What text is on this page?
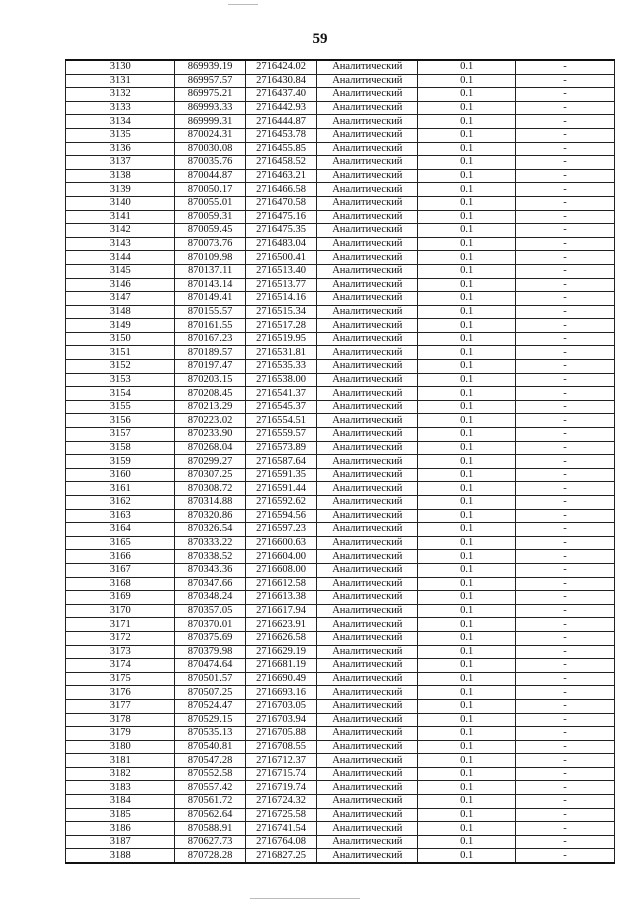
59
3130	869939.19	2716424.02	Аналитический	0.1	-
3131	869957.57	2716430.84	Аналитический	0.1	-
3132	869975.21	2716437.40	Аналитический	0.1	-
3133	869993.33	2716442.93	Аналитический	0.1	-
3134	869999.31	2716444.87	Аналитический	0.1	-
3135	870024.31	2716453.78	Аналитический	0.1	-
3136	870030.08	2716455.85	Аналитический	0.1	-
3137	870035.76	2716458.52	Аналитический	0.1	-
3138	870044.87	2716463.21	Аналитический	0.1	-
3139	870050.17	2716466.58	Аналитический	0.1	-
3140	870055.01	2716470.58	Аналитический	0.1	-
3141	870059.31	2716475.16	Аналитический	0.1	-
3142	870059.45	2716475.35	Аналитический	0.1	-
3143	870073.76	2716483.04	Аналитический	0.1	-
3144	870109.98	2716500.41	Аналитический	0.1	-
3145	870137.11	2716513.40	Аналитический	0.1	-
3146	870143.14	2716513.77	Аналитический	0.1	-
3147	870149.41	2716514.16	Аналитический	0.1	-
3148	870155.57	2716515.34	Аналитический	0.1	-
3149	870161.55	2716517.28	Аналитический	0.1	-
3150	870167.23	2716519.95	Аналитический	0.1	-
3151	870189.57	2716531.81	Аналитический	0.1	-
3152	870197.47	2716535.33	Аналитический	0.1	-
3153	870203.15	2716538.00	Аналитический	0.1	-
3154	870208.45	2716541.37	Аналитический	0.1	-
3155	870213.29	2716545.37	Аналитический	0.1	-
3156	870223.02	2716554.51	Аналитический	0.1	-
3157	870233.90	2716559.57	Аналитический	0.1	-
3158	870268.04	2716573.89	Аналитический	0.1	-
3159	870299.27	2716587.64	Аналитический	0.1	-
3160	870307.25	2716591.35	Аналитический	0.1	-
3161	870308.72	2716591.44	Аналитический	0.1	-
3162	870314.88	2716592.62	Аналитический	0.1	-
3163	870320.86	2716594.56	Аналитический	0.1	-
3164	870326.54	2716597.23	Аналитический	0.1	-
3165	870333.22	2716600.63	Аналитический	0.1	-
3166	870338.52	2716604.00	Аналитический	0.1	-
3167	870343.36	2716608.00	Аналитический	0.1	-
3168	870347.66	2716612.58	Аналитический	0.1	-
3169	870348.24	2716613.38	Аналитический	0.1	-
3170	870357.05	2716617.94	Аналитический	0.1	-
3171	870370.01	2716623.91	Аналитический	0.1	-
3172	870375.69	2716626.58	Аналитический	0.1	-
3173	870379.98	2716629.19	Аналитический	0.1	-
3174	870474.64	2716681.19	Аналитический	0.1	-
3175	870501.57	2716690.49	Аналитический	0.1	-
3176	870507.25	2716693.16	Аналитический	0.1	-
3177	870524.47	2716703.05	Аналитический	0.1	-
3178	870529.15	2716703.94	Аналитический	0.1	-
3179	870535.13	2716705.88	Аналитический	0.1	-
3180	870540.81	2716708.55	Аналитический	0.1	-
3181	870547.28	2716712.37	Аналитический	0.1	-
3182	870552.58	2716715.74	Аналитический	0.1	-
3183	870557.42	2716719.74	Аналитический	0.1	-
3184	870561.72	2716724.32	Аналитический	0.1	-
3185	870562.64	2716725.58	Аналитический	0.1	-
3186	870588.91	2716741.54	Аналитический	0.1	-
3187	870627.73	2716764.08	Аналитический	0.1	-
3188	870728.28	2716827.25	Аналитический	0.1	-
